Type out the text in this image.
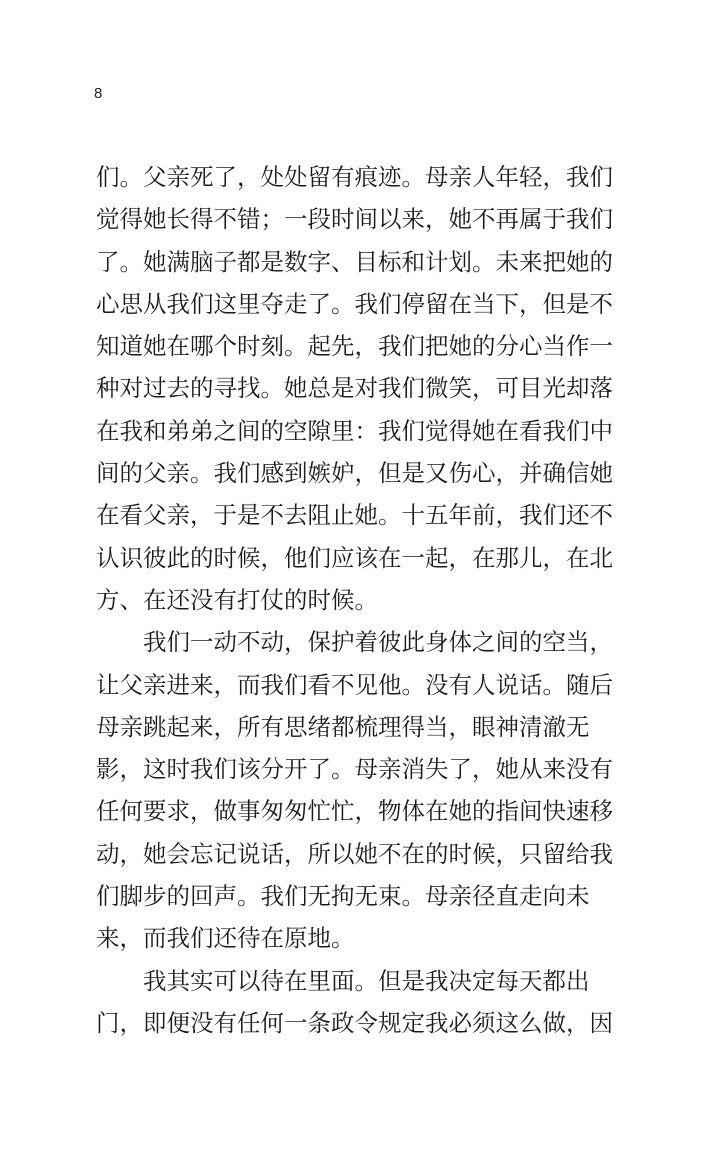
8
们。父亲死了，处处留有痕迹。母亲人年轻，我们
觉得她长得不错；一段时间以来，她不再属于我们
了。她满脑子都是数字、目标和计划。未来把她的
心思从我们这里夺走了。我们停留在当下，但是不
知道她在哪个时刻。起先，我们把她的分心当作一
种对过去的寻找。她总是对我们微笑，可目光却落
在我和弟弟之间的空隙里：我们觉得她在看我们中
间的父亲。我们感到嫉妒，但是又伤心，并确信她
在看父亲，于是不去阻止她。十五年前，我们还不
认识彼此的时候，他们应该在一起，在那儿，在北
方、在还没有打仗的时候。
我们一动不动，保护着彼此身体之间的空当，
让父亲进来，而我们看不见他。没有人说话。随后
母亲跳起来，所有思绪都梳理得当，眼神清澈无
影，这时我们该分开了。母亲消失了，她从来没有
任何要求，做事匆匆忙忙，物体在她的指间快速移
动，她会忘记说话，所以她不在的时候，只留给我
们脚步的回声。我们无拘无束。母亲径直走向未
来，而我们还待在原地。
我其实可以待在里面。但是我决定每天都出
门，即便没有任何一条政令规定我必须这么做，因
